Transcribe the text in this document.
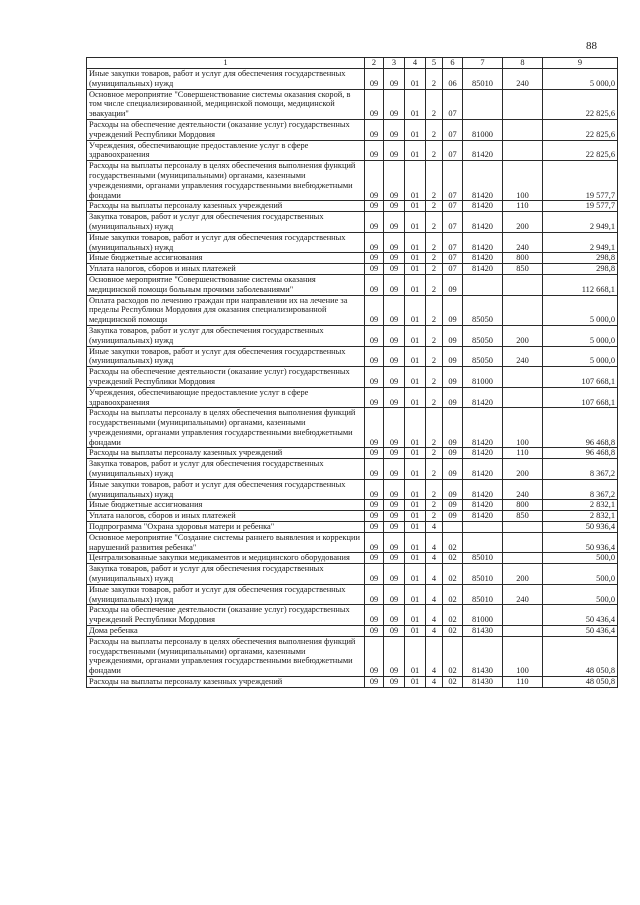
88
1	2	3	4	5	6	7	8	9
Иные закупки товаров, работ и услуг для обеспечения государственных (муниципальных) нужд	09	09	01	2	06	85010	240	5 000,0
Основное мероприятие "Совершенствование системы оказания скорой, в том числе специализированной, медицинской помощи, медицинской эвакуации"	09	09	01	2	07			22 825,6
Расходы на обеспечение деятельности (оказание услуг) государственных учреждений Республики Мордовия	09	09	01	2	07	81000		22 825,6
Учреждения, обеспечивающие предоставление услуг в сфере здравоохранения	09	09	01	2	07	81420		22 825,6
Расходы на выплаты персоналу в целях обеспечения выполнения функций государственными (муниципальными) органами, казенными учреждениями, органами управления государственными внебюджетными фондами	09	09	01	2	07	81420	100	19 577,7
Расходы на выплаты персоналу казенных учреждений	09	09	01	2	07	81420	110	19 577,7
Закупка товаров, работ и услуг для обеспечения государственных (муниципальных) нужд	09	09	01	2	07	81420	200	2 949,1
Иные закупки товаров, работ и услуг для обеспечения государственных (муниципальных) нужд	09	09	01	2	07	81420	240	2 949,1
Иные бюджетные ассигнования	09	09	01	2	07	81420	800	298,8
Уплата налогов, сборов и иных платежей	09	09	01	2	07	81420	850	298,8
Основное мероприятие "Совершенствование системы оказания медицинской помощи больным прочими заболеваниями"	09	09	01	2	09			112 668,1
Оплата расходов по лечению граждан при направлении их на лечение за пределы Республики Мордовия для оказания специализированной медицинской помощи	09	09	01	2	09	85050		5 000,0
Закупка товаров, работ и услуг для обеспечения государственных (муниципальных) нужд	09	09	01	2	09	85050	200	5 000,0
Иные закупки товаров, работ и услуг для обеспечения государственных (муниципальных) нужд	09	09	01	2	09	85050	240	5 000,0
Расходы на обеспечение деятельности (оказание услуг) государственных учреждений Республики Мордовия	09	09	01	2	09	81000		107 668,1
Учреждения, обеспечивающие предоставление услуг в сфере здравоохранения	09	09	01	2	09	81420		107 668,1
Расходы на выплаты персоналу в целях обеспечения выполнения функций государственными (муниципальными) органами, казенными учреждениями, органами управления государственными внебюджетными фондами	09	09	01	2	09	81420	100	96 468,8
Расходы на выплаты персоналу казенных учреждений	09	09	01	2	09	81420	110	96 468,8
Закупка товаров, работ и услуг для обеспечения государственных (муниципальных) нужд	09	09	01	2	09	81420	200	8 367,2
Иные закупки товаров, работ и услуг для обеспечения государственных (муниципальных) нужд	09	09	01	2	09	81420	240	8 367,2
Иные бюджетные ассигнования	09	09	01	2	09	81420	800	2 832,1
Уплата налогов, сборов и иных платежей	09	09	01	2	09	81420	850	2 832,1
Подпрограмма "Охрана здоровья матери и ребенка"	09	09	01	4				50 936,4
Основное мероприятие "Создание системы раннего выявления и коррекции нарушений развития ребенка"	09	09	01	4	02			50 936,4
Централизованные закупки медикаментов и медицинского оборудования	09	09	01	4	02	85010		500,0
Закупка товаров, работ и услуг для обеспечения государственных (муниципальных) нужд	09	09	01	4	02	85010	200	500,0
Иные закупки товаров, работ и услуг для обеспечения государственных (муниципальных) нужд	09	09	01	4	02	85010	240	500,0
Расходы на обеспечение деятельности (оказание услуг) государственных учреждений Республики Мордовия	09	09	01	4	02	81000		50 436,4
Дома ребенка	09	09	01	4	02	81430		50 436,4
Расходы на выплаты персоналу в целях обеспечения выполнения функций государственными (муниципальными) органами, казенными учреждениями, органами управления государственными внебюджетными фондами	09	09	01	4	02	81430	100	48 050,8
Расходы на выплаты персоналу казенных учреждений	09	09	01	4	02	81430	110	48 050,8
